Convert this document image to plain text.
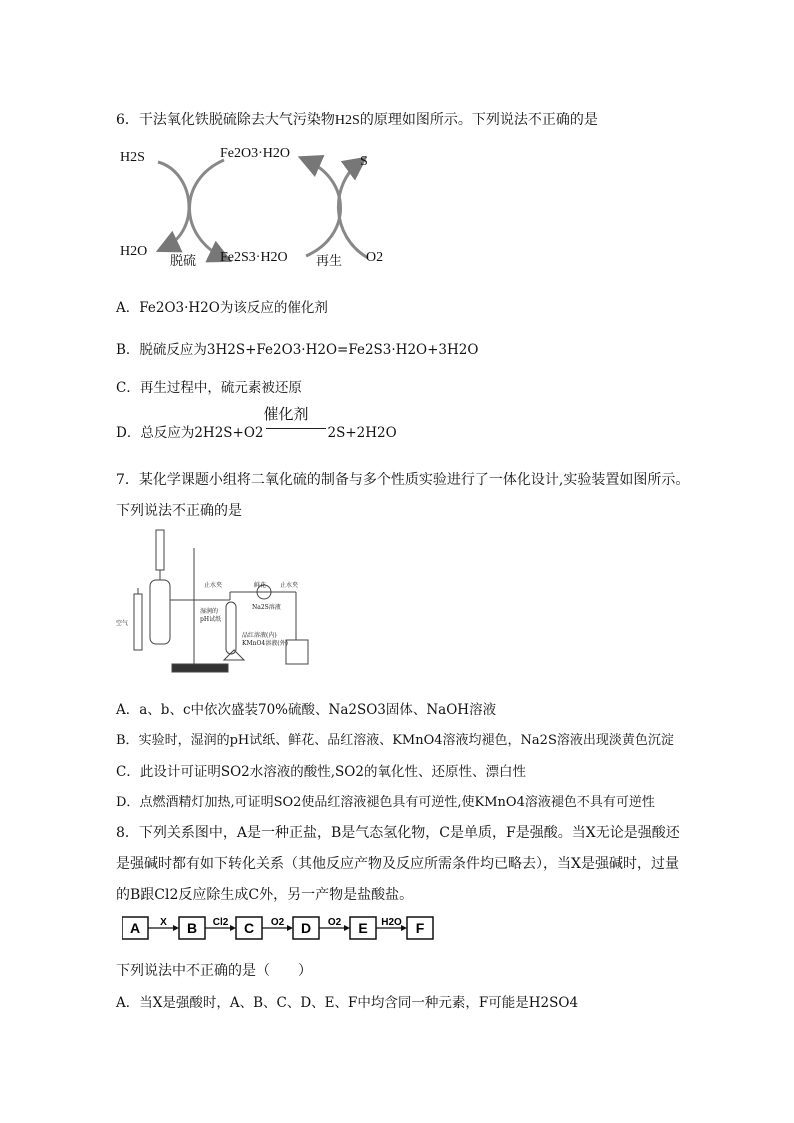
6．干法氧化铁脱硫除去大气污染物H2S的原理如图所示。下列说法不正确的是
H2S	Fe2O3·H2O
S
H2O
脱硫 Fe2S3·H2O 再生 O2
A．Fe2O3·H2O为该反应的催化剂
B．脱硫反应为3H2S+Fe2O3·H2O=Fe2S3·H2O+3H2O
C．再生过程中，硫元素被还原
D．总反应为2H2S+O2
催化剂
2S+2H2O
7．某化学课题小组将二氧化硫的制备与多个性质实验进行了一体化设计,实验装置如图所示。
下列说法不正确的是
空气
止水夹	止水夹
湿润的
pH试纸
鲜花
Na2S溶液
品红溶液(内)
KMnO4溶液(外)
A．a、b、c中依次盛装70%硫酸、Na2SO3固体、NaOH溶液
B．实验时，湿润的pH试纸、鲜花、品红溶液、KMnO4溶液均褪色，Na2S溶液出现淡黄色沉淀
C．此设计可证明SO2水溶液的酸性,SO2的氧化性、还原性、漂白性
D．点燃酒精灯加热,可证明SO2使品红溶液褪色具有可逆性,使KMnO4溶液褪色不具有可逆性
8．下列关系图中，A是一种正盐，B是气态氢化物，C是单质，F是强酸。当X无论是强酸还
是强碱时都有如下转化关系（其他反应产物及反应所需条件均已略去），当X是强碱时，过量
的B跟Cl2反应除生成C外，另一产物是盐酸盐。
A X B Cl2 C O2 D O2 E H2O F
下列说法中不正确的是（　　）
A．当X是强酸时，A、B、C、D、E、F中均含同一种元素，F可能是H2SO4
